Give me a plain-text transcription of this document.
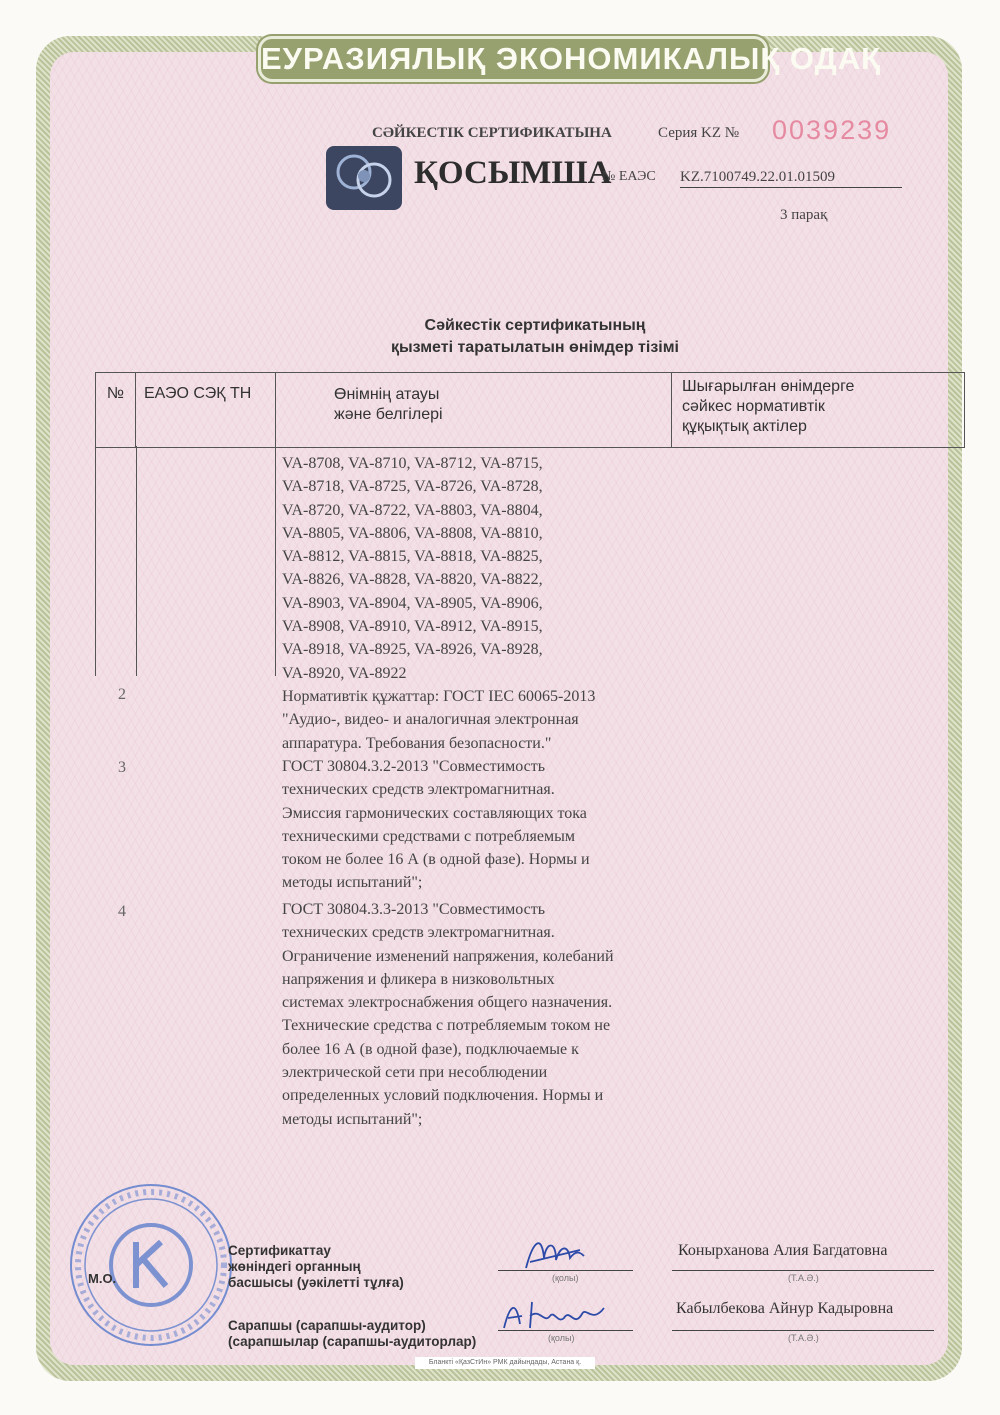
ЕУРАЗИЯЛЫҚ ЭКОНОМИКАЛЫҚ ОДАҚ
СӘЙКЕСТІК СЕРТИФИКАТЫНА	Серия KZ № 0039239
ҚОСЫМША
№ ЕАЭС KZ.7100749.22.01.01509
3 парақ
Сәйкестік сертификатының
қызметі таратылатын өнімдер тізімі
№	ЕАЭО СЭҚ ТН	Өнімнің атауы
және белгілері
Шығарылған өнімдерге
сәйкес нормативтік
құқықтық актілер
VA-8708, VA-8710, VA-8712, VA-8715,
VA-8718, VA-8725, VA-8726, VA-8728,
VA-8720, VA-8722, VA-8803, VA-8804,
VA-8805, VA-8806, VA-8808, VA-8810,
VA-8812, VA-8815, VA-8818, VA-8825,
VA-8826, VA-8828, VA-8820, VA-8822,
VA-8903, VA-8904, VA-8905, VA-8906,
VA-8908, VA-8910, VA-8912, VA-8915,
VA-8918, VA-8925, VA-8926, VA-8928,
VA-8920, VA-8922
2	Нормативтік құжаттар: ГОСТ IEC 60065-2013
"Аудио-, видео- и аналогичная электронная
аппаратура. Требования безопасности."
3	ГОСТ 30804.3.2-2013 "Совместимость
технических средств электромагнитная.
Эмиссия гармонических составляющих тока
техническими средствами с потребляемым
током не более 16 А (в одной фазе). Нормы и
методы испытаний";
4	ГОСТ 30804.3.3-2013 "Совместимость
технических средств электромагнитная.
Ограничение изменений напряжения, колебаний
напряжения и фликера в низковольтных
системах электроснабжения общего назначения.
Технические средства с потребляемым током не
более 16 А (в одной фазе), подключаемые к
электрической сети при несоблюдении
определенных условий подключения. Нормы и
методы испытаний";
М.О.
Сертификаттау
жөніндегі органның
басшысы (уәкілетті тұлға)
Сарапшы (сарапшы-аудитор)
(сарапшылар (сарапшы-аудиторлар)
(қолы)
(қолы)
Конырханова Алия Багдатовна
(Т.А.Ә.)
Кабылбекова Айнур Кадыровна
(Т.А.Ә.)
Бланкті «ҚазСтИн» РМК дайындады, Астана қ.
